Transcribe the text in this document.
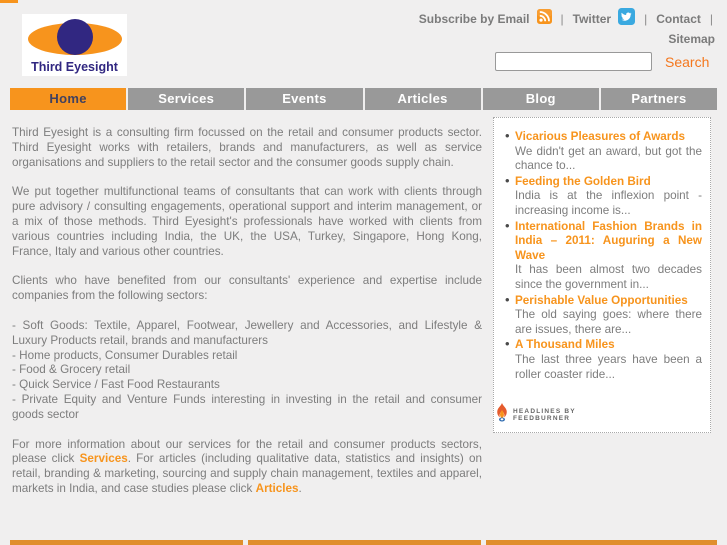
Third Eyesight
Subscribe by Email	| Twitter	| Contact |
Sitemap
Search
Home	Services	Events	Articles	Blog	Partners

Third Eyesight is a consulting firm focussed on the retail and consumer products sector. Third Eyesight works with retailers, brands and manufacturers, as well as service organisations and suppliers to the retail sector and the consumer goods supply chain.

We put together multifunctional teams of consultants that can work with clients through pure advisory / consulting engagements, operational support and interim management, or a mix of those methods. Third Eyesight's professionals have worked with clients from various countries including India, the UK, the USA, Turkey, Singapore, Hong Kong, France, Italy and various other countries.

Clients who have benefited from our consultants' experience and expertise include companies from the following sectors:

- Soft Goods: Textile, Apparel, Footwear, Jewellery and Accessories, and Lifestyle & Luxury Products retail, brands and manufacturers
- Home products, Consumer Durables retail
- Food & Grocery retail
- Quick Service / Fast Food Restaurants
- Private Equity and Venture Funds interesting in investing in the retail and consumer goods sector

For more information about our services for the retail and consumer products sectors, please click Services. For articles (including qualitative data, statistics and insights) on retail, branding & marketing, sourcing and supply chain management, textiles and apparel, markets in India, and case studies please click Articles.

• Vicarious Pleasures of Awards
We didn't get an award, but got the chance to...
• Feeding the Golden Bird
India is at the inflexion point - increasing income is...
• International Fashion Brands in India – 2011: Auguring a New Wave
It has been almost two decades since the government in...
• Perishable Value Opportunities
The old saying goes: where there are issues, there are...
• A Thousand Miles
The last three years have been a roller coaster ride...
HEADLINES BY
FEEDBURNER
